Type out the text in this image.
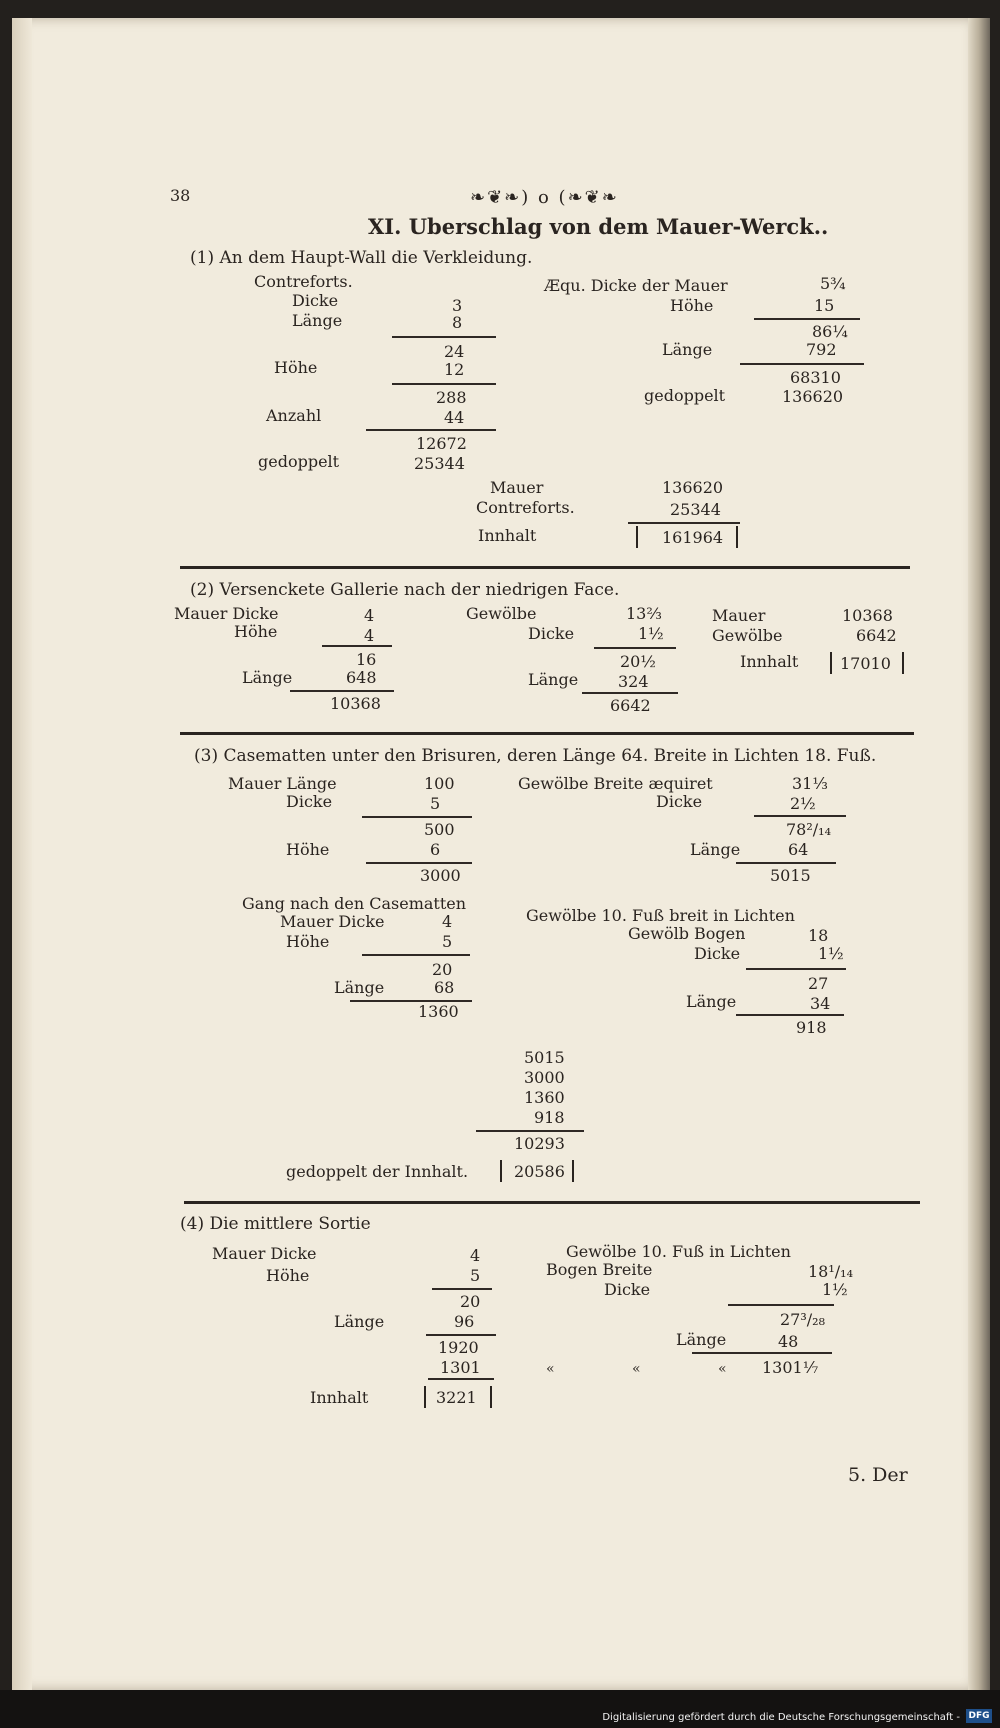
38	❧❦❧) o (❧❦❧
XI. Uberschlag von dem Mauer-Werck..
(1) An dem Haupt-Wall die Verkleidung.
Contreforts.
Dicke	3
Länge	8
24
Höhe	12
288
Anzahl	44
12672
gedoppelt	25344
Æqu. Dicke der Mauer	5¾
Höhe	15
86¼
Länge	792
68310
gedoppelt	136620
Mauer	136620
Contreforts.	25344
Innhalt	161964
(2) Versenckete Gallerie nach der niedrigen Face.
Mauer Dicke	4
Höhe	4
16
Länge	648
10368
Gewölbe	13⅔
Dicke	1½
20½
Länge 324
6642
Mauer	10368
Gewölbe	6642
Innhalt	17010
(3) Casematten unter den Brisuren, deren Länge 64. Breite in Lichten 18. Fuß.
Mauer Länge	100
Dicke	5
500
Höhe	6
3000
Gewölbe Breite æquiret	31⅓
Dicke	2½
78²/₁₄
Länge	64
5015
Gang nach den Casematten
Mauer Dicke	4
Höhe	5
20
Länge	68
1360
Gewölbe 10. Fuß breit in Lichten
Gewölb Bogen	18
Dicke	1½
27
Länge	34
918
5015
3000
1360
918
10293
gedoppelt der Innhalt.	20586
(4) Die mittlere Sortie
Mauer Dicke	4
Höhe	5
20
Länge	96
1920
1301
Innhalt	3221
Gewölbe 10. Fuß in Lichten
Bogen Breite	18¹/₁₄
Dicke	1½
27³/₂₈
Länge	48
«	«	« 1301⅐
5. Der
Digitalisierung gefördert durch die Deutsche Forschungsgemeinschaft - DFG
